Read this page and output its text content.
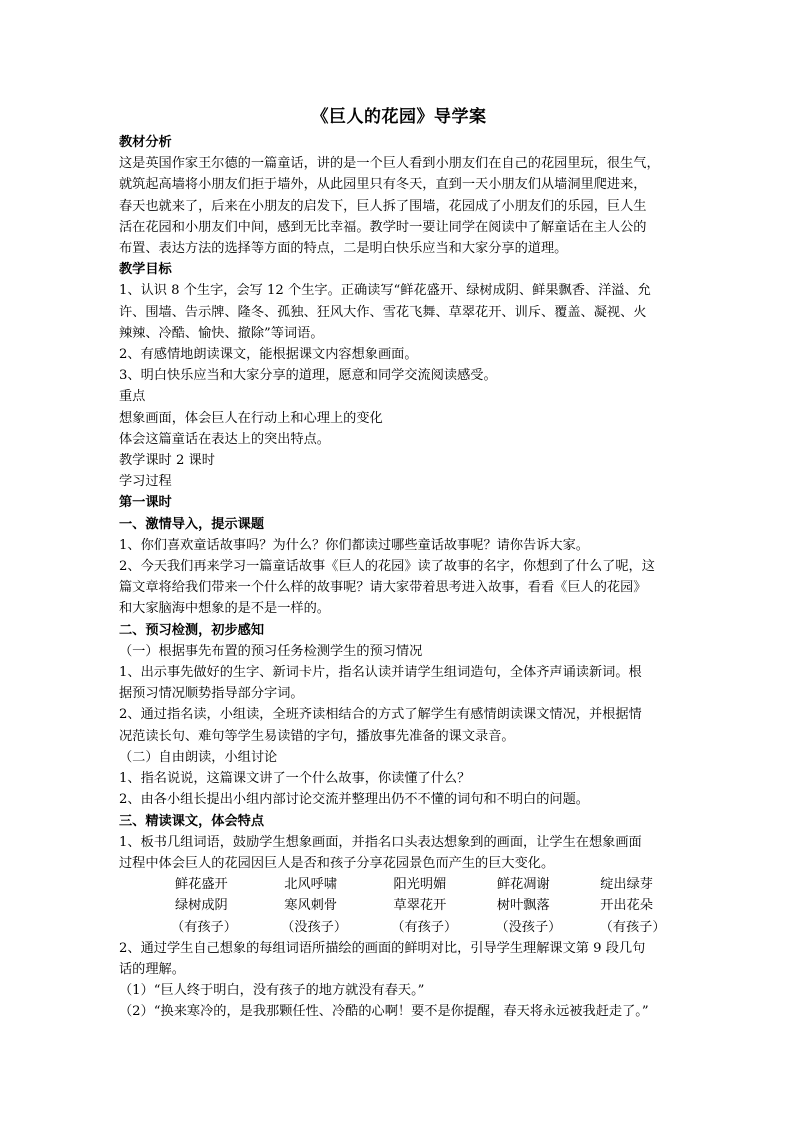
《巨人的花园》导学案
教材分析
这是英国作家王尔德的一篇童话，讲的是一个巨人看到小朋友们在自己的花园里玩，很生气，
就筑起高墙将小朋友们拒于墙外，从此园里只有冬天，直到一天小朋友们从墙洞里爬进来，
春天也就来了，后来在小朋友的启发下，巨人拆了围墙，花园成了小朋友们的乐园，巨人生
活在花园和小朋友们中间，感到无比幸福。教学时一要让同学在阅读中了解童话在主人公的
布置、表达方法的选择等方面的特点，二是明白快乐应当和大家分享的道理。
教学目标
1、认识 8 个生字，会写 12 个生字。正确读写“鲜花盛开、绿树成阴、鲜果飘香、洋溢、允
许、围墙、告示牌、隆冬、孤独、狂风大作、雪花飞舞、草翠花开、训斥、覆盖、凝视、火
辣辣、冷酷、愉快、撤除”等词语。
2、有感情地朗读课文，能根据课文内容想象画面。
3、明白快乐应当和大家分享的道理，愿意和同学交流阅读感受。
重点
想象画面，体会巨人在行动上和心理上的变化
体会这篇童话在表达上的突出特点。
教学课时 2 课时
学习过程
第一课时
一、激情导入，提示课题
1、你们喜欢童话故事吗？为什么？你们都读过哪些童话故事呢？请你告诉大家。
2、今天我们再来学习一篇童话故事《巨人的花园》读了故事的名字，你想到了什么了呢，这
篇文章将给我们带来一个什么样的故事呢？请大家带着思考进入故事，看看《巨人的花园》
和大家脑海中想象的是不是一样的。
二、预习检测，初步感知
（一）根据事先布置的预习任务检测学生的预习情况
1、出示事先做好的生字、新词卡片，指名认读并请学生组词造句，全体齐声诵读新词。根
据预习情况顺势指导部分字词。
2、通过指名读，小组读，全班齐读相结合的方式了解学生有感情朗读课文情况，并根据情
况范读长句、难句等学生易读错的字句，播放事先准备的课文录音。
（二）自由朗读，小组讨论
1、指名说说，这篇课文讲了一个什么故事，你读懂了什么？
2、由各小组长提出小组内部讨论交流并整理出仍不不懂的词句和不明白的问题。
三、精读课文，体会特点
1、板书几组词语，鼓励学生想象画面，并指名口头表达想象到的画面，让学生在想象画面
过程中体会巨人的花园因巨人是否和孩子分享花园景色而产生的巨大变化。
鲜花盛开	北风呼啸	阳光明媚	鲜花凋谢	绽出绿芽
绿树成阴	寒风刺骨	草翠花开	树叶飘落	开出花朵
（有孩子）	（没孩子）	（有孩子）	（没孩子）	（有孩子）
2、通过学生自己想象的每组词语所描绘的画面的鲜明对比，引导学生理解课文第 9 段几句
话的理解。
（1）“巨人终于明白，没有孩子的地方就没有春天。”
（2）“换来寒冷的，是我那颗任性、冷酷的心啊！要不是你提醒，春天将永远被我赶走了。”
